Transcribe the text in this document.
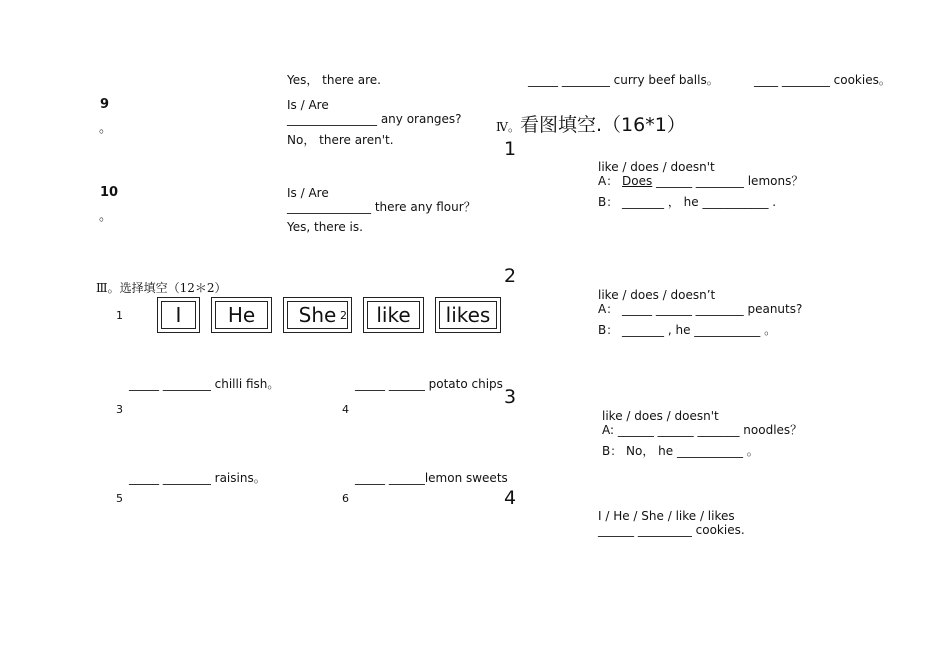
Yes， there are.	_____ ________ curry beef balls。	____ ________ cookies。
9
。
Is / Are
_______________ any oranges?
No， there aren't.
10
。
Is / Are
______________ there any flour？
Yes, there is.
Ⅲ。选择填空（12＊2）
1	I	He	She 2	like	likes
_____ ________ chilli fish。
3
_____ ______ potato chips
4
_____ ________ raisins。
5
_____ ______lemon sweets
6
Ⅳ。看图填空.（16*1）
1
like / does / doesn't
A： Does ______ ________ lemons？
B： _______ ， he ___________ .
2
like / does / doesn’t
A： _____ ______ ________ peanuts?
B： _______ , he ___________ 。
3
like / does / doesn't
A: ______ ______ _______ noodles？
B： No， he ___________ 。
4
I / He / She / like / likes
______ _________ cookies.
